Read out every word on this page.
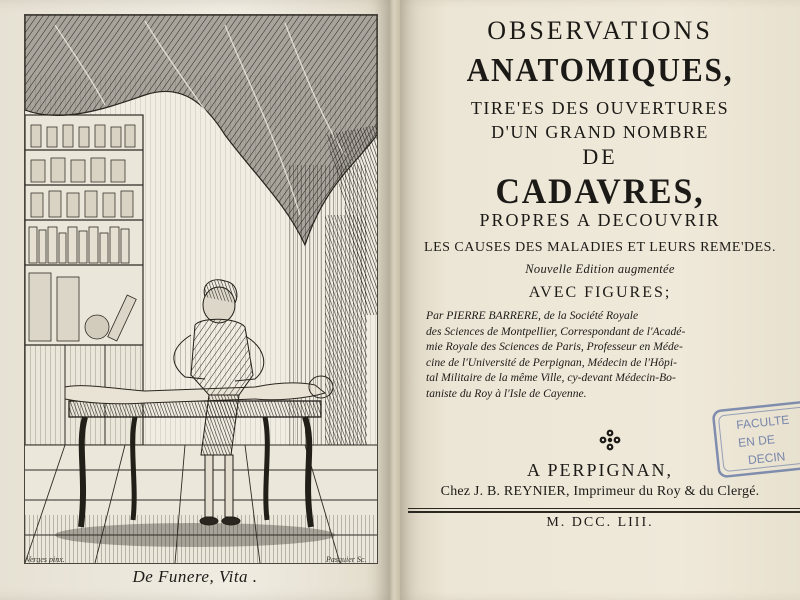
Verges pinx.	Pasquier Sc.
De Funere, Vita .
OBSERVATIONS
ANATOMIQUES,
TIRE'ES DES OUVERTURES
D'UN GRAND NOMBRE
DE
CADAVRES,
PROPRES A DECOUVRIR
LES CAUSES DES MALADIES ET LEURS REME'DES.
Nouvelle Edition augmentée
AVEC FIGURES;
Par PIERRE BARRERE, de la Société Royale
des Sciences de Montpellier, Correspondant de l'Acadé-
mie Royale des Sciences de Paris, Professeur en Méde-
cine de l'Université de Perpignan, Médecin de l'Hôpi-
tal Militaire de la même Ville, cy-devant Médecin-Bo-
taniste du Roy à l'Isle de Cayenne.
A PERPIGNAN,
Chez J. B. REYNIER, Imprimeur du Roy & du Clergé.
M. DCC. LIII.
FACULTE
EN DE
DECIN
